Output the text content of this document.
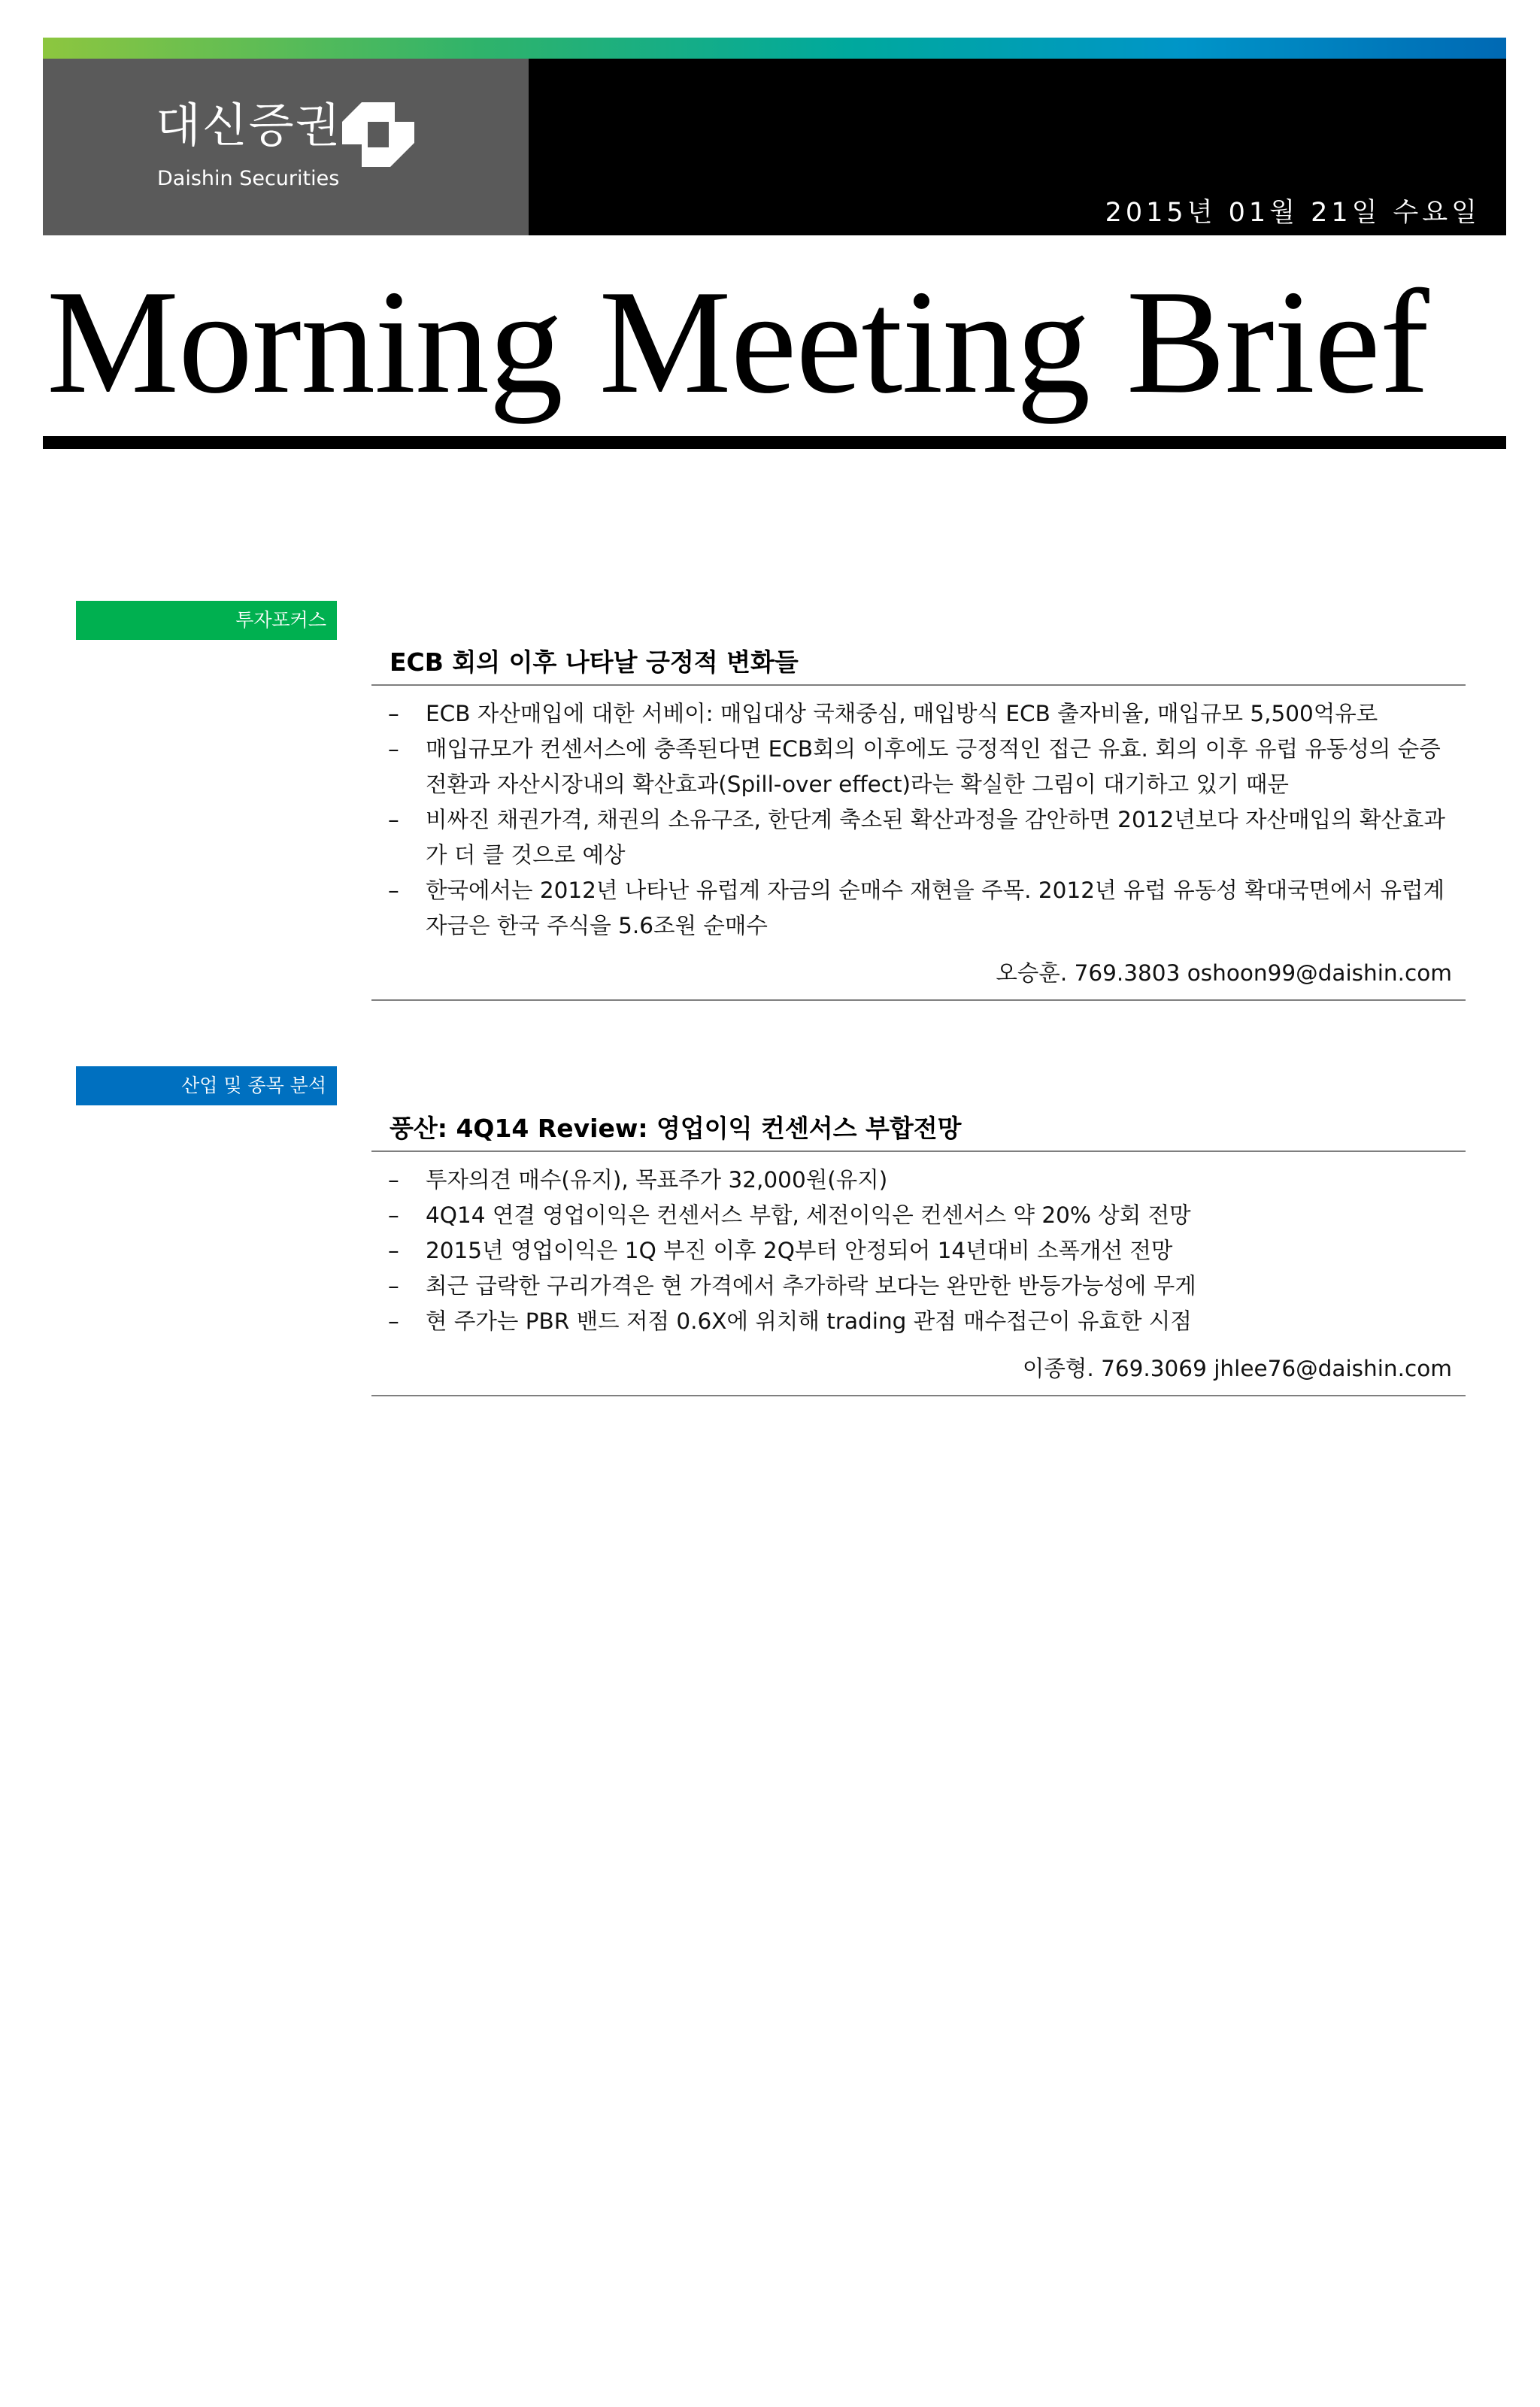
대신증권
Daishin Securities
2015년 01월 21일 수요일
Morning Meeting Brief
투자포커스
ECB 회의 이후 나타날 긍정적 변화들
– ECB 자산매입에 대한 서베이: 매입대상 국채중심, 매입방식 ECB 출자비율, 매입규모 5,500억유로
– 매입규모가 컨센서스에 충족된다면 ECB회의 이후에도 긍정적인 접근 유효. 회의 이후 유럽 유동성의 순증 전환과 자산시장내의 확산효과(Spill-over effect)라는 확실한 그림이 대기하고 있기 때문
– 비싸진 채권가격, 채권의 소유구조, 한단계 축소된 확산과정을 감안하면 2012년보다 자산매입의 확산효과가 더 클 것으로 예상
– 한국에서는 2012년 나타난 유럽계 자금의 순매수 재현을 주목. 2012년 유럽 유동성 확대국면에서 유럽계 자금은 한국 주식을 5.6조원 순매수
오승훈. 769.3803 oshoon99@daishin.com
산업 및 종목 분석
풍산: 4Q14 Review: 영업이익 컨센서스 부합전망
– 투자의견 매수(유지), 목표주가 32,000원(유지)
– 4Q14 연결 영업이익은 컨센서스 부합, 세전이익은 컨센서스 약 20% 상회 전망
– 2015년 영업이익은 1Q 부진 이후 2Q부터 안정되어 14년대비 소폭개선 전망
– 최근 급락한 구리가격은 현 가격에서 추가하락 보다는 완만한 반등가능성에 무게
– 현 주가는 PBR 밴드 저점 0.6X에 위치해 trading 관점 매수접근이 유효한 시점
이종형. 769.3069 jhlee76@daishin.com
